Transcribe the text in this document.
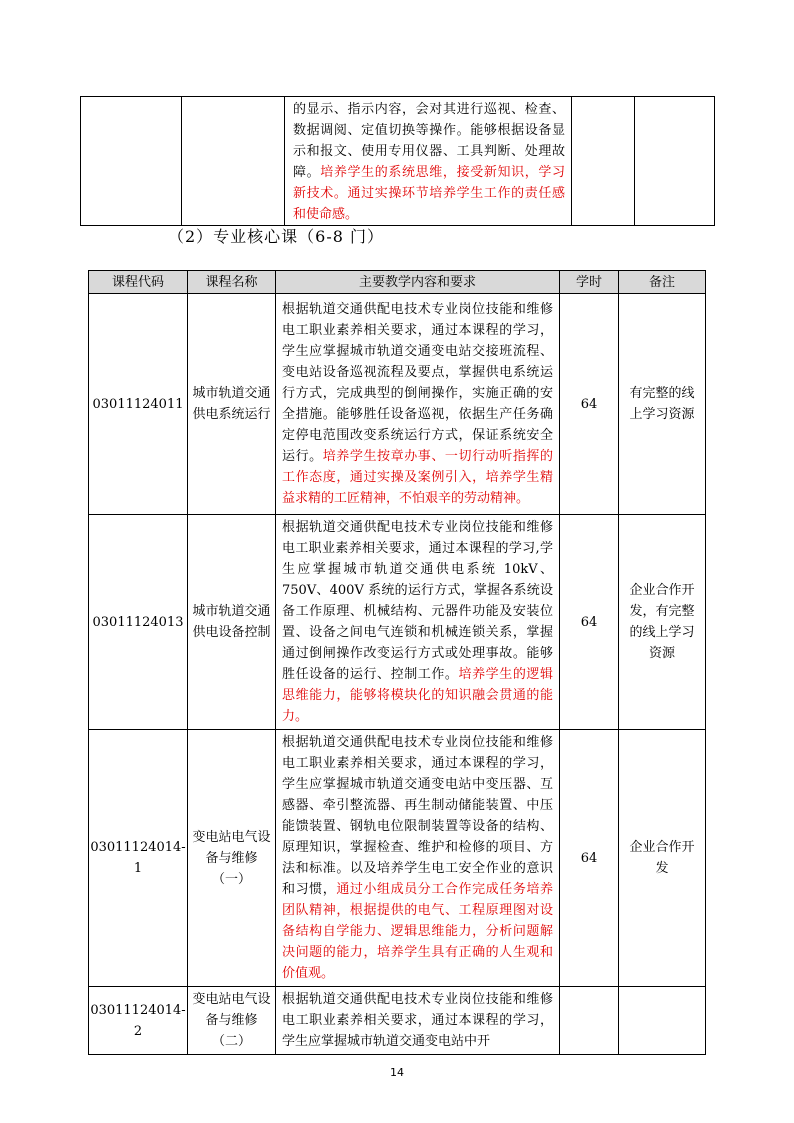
		的显示、指示内容，会对其进行巡视、检查、数据调阅、定值切换等操作。能够根据设备显示和报文、使用专用仪器、工具判断、处理故障。培养学生的系统思维，接受新知识，学习新技术。通过实操环节培养学生工作的责任感和使命感。		
（2）专业核心课（6-8 门）
课程代码	课程名称	主要教学内容和要求	学时	备注
03011124011	城市轨道交通供电系统运行	根据轨道交通供配电技术专业岗位技能和维修电工职业素养相关要求，通过本课程的学习，学生应掌握城市轨道交通变电站交接班流程、变电站设备巡视流程及要点，掌握供电系统运行方式，完成典型的倒闸操作，实施正确的安全措施。能够胜任设备巡视，依据生产任务确定停电范围改变系统运行方式，保证系统安全运行。培养学生按章办事、一切行动听指挥的工作态度，通过实操及案例引入，培养学生精益求精的工匠精神，不怕艰辛的劳动精神。	64	有完整的线上学习资源
03011124013	城市轨道交通供电设备控制	根据轨道交通供配电技术专业岗位技能和维修电工职业素养相关要求，通过本课程的学习,学生应掌握城市轨道交通供电系统 10kV、750V、400V 系统的运行方式，掌握各系统设备工作原理、机械结构、元器件功能及安装位置、设备之间电气连锁和机械连锁关系，掌握通过倒闸操作改变运行方式或处理事故。能够胜任设备的运行、控制工作。培养学生的逻辑思维能力，能够将模块化的知识融会贯通的能力。	64	企业合作开发，有完整的线上学习资源
03011124014-1	变电站电气设备与维修（一）	根据轨道交通供配电技术专业岗位技能和维修电工职业素养相关要求，通过本课程的学习，学生应掌握城市轨道交通变电站中变压器、互感器、牵引整流器、再生制动储能装置、中压能馈装置、钢轨电位限制装置等设备的结构、原理知识，掌握检查、维护和检修的项目、方法和标准。以及培养学生电工安全作业的意识和习惯，通过小组成员分工合作完成任务培养团队精神，根据提供的电气、工程原理图对设备结构自学能力、逻辑思维能力，分析问题解决问题的能力，培养学生具有正确的人生观和价值观。	64	企业合作开发
03011124014-2	变电站电气设备与维修（二）	根据轨道交通供配电技术专业岗位技能和维修电工职业素养相关要求，通过本课程的学习，学生应掌握城市轨道交通变电站中开		
14
